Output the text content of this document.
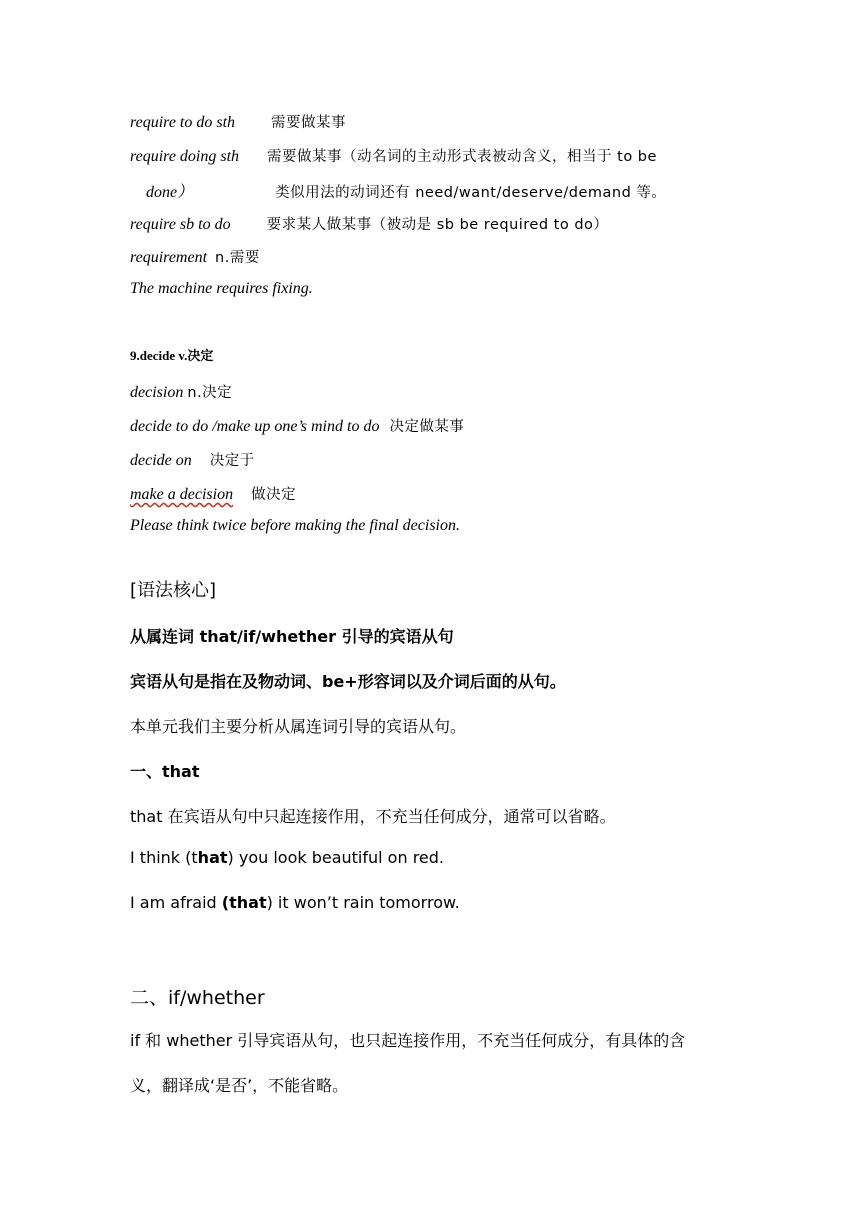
require to do sth 需要做某事
require doing sth 需要做某事（动名词的主动形式表被动含义，相当于 to be
done）	类似用法的动词还有 need/want/deserve/demand 等。
require sb to do 要求某人做某事（被动是 sb be required to do）
requirement n.需要
The machine requires fixing.
9.decide v.决定
decision n.决定
decide to do /make up one’s mind to do 决定做某事
decide on 决定于
make a decision 做决定
Please think twice before making the final decision.
[语法核心]
从属连词 that/if/whether 引导的宾语从句
宾语从句是指在及物动词、be+形容词以及介词后面的从句。
本单元我们主要分析从属连词引导的宾语从句。
一、that
that 在宾语从句中只起连接作用，不充当任何成分，通常可以省略。
I think (that) you look beautiful on red.
I am afraid (that) it won’t rain tomorrow.
二、if/whether
if 和 whether 引导宾语从句，也只起连接作用，不充当任何成分，有具体的含
义，翻译成‘是否’，不能省略。
